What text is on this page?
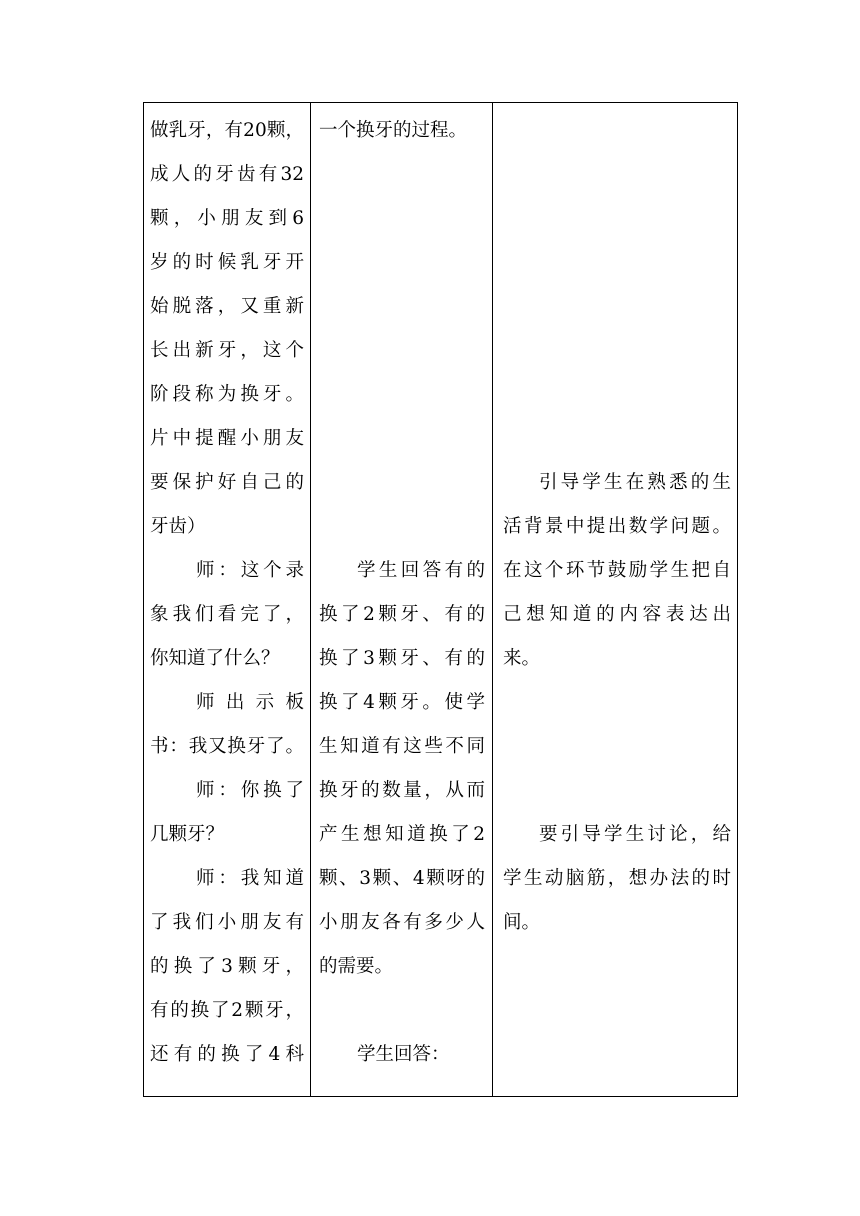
做乳牙，有20颗，
成人的牙齿有32
颗，小朋友到6
岁的时候乳牙开
始脱落，又重新
长出新牙，这个
阶段称为换牙。
片中提醒小朋友
要保护好自己的
牙齿）
师：这个录
象我们看完了，
你知道了什么？
师出示板
书：我又换牙了。
师：你换了
几颗牙？
师：我知道
了我们小朋友有
的换了3颗牙，
有的换了2颗牙，
还有的换了4科
一个换牙的过程。
学生回答有的
换了2颗牙、有的
换了3颗牙、有的
换了4颗牙。使学
生知道有这些不同
换牙的数量，从而
产生想知道换了2
颗、3颗、4颗呀的
小朋友各有多少人
的需要。
学生回答：
引导学生在熟悉的生
活背景中提出数学问题。
在这个环节鼓励学生把自
己想知道的内容表达出
来。
要引导学生讨论，给
学生动脑筋，想办法的时
间。
